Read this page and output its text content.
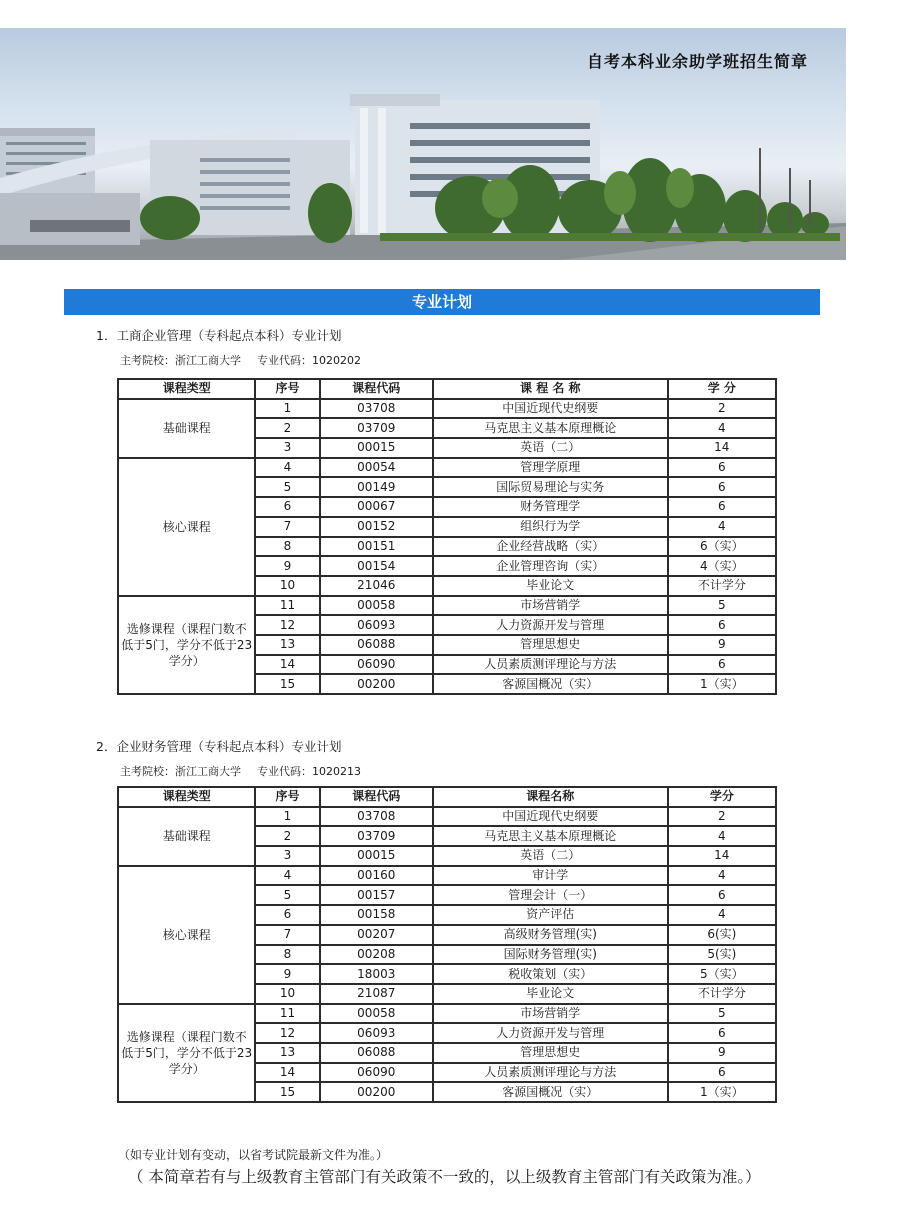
自考本科业余助学班招生简章
专业计划
1．工商企业管理（专科起点本科）专业计划
主考院校：浙江工商大学 专业代码：1020202
课程类型	序号	课程代码	课 程 名 称	学 分
基础课程	1	03708	中国近现代史纲要	2
	2	03709	马克思主义基本原理概论	4
	3	00015	英语（二）	14
核心课程	4	00054	管理学原理	6
	5	00149	国际贸易理论与实务	6
	6	00067	财务管理学	6
	7	00152	组织行为学	4
	8	00151	企业经营战略（实）	6（实）
	9	00154	企业管理咨询（实）	4（实）
	10	21046	毕业论文	不计学分
选修课程（课程门数不低于5门，学分不低于23学分）	11	00058	市场营销学	5
	12	06093	人力资源开发与管理	6
	13	06088	管理思想史	9
	14	06090	人员素质测评理论与方法	6
	15	00200	客源国概况（实）	1（实）
2．企业财务管理（专科起点本科）专业计划
主考院校：浙江工商大学 专业代码：1020213
课程类型	序号	课程代码	课程名称	学分
基础课程	1	03708	中国近现代史纲要	2
	2	03709	马克思主义基本原理概论	4
	3	00015	英语（二）	14
核心课程	4	00160	审计学	4
	5	00157	管理会计（一）	6
	6	00158	资产评估	4
	7	00207	高级财务管理(实)	6(实)
	8	00208	国际财务管理(实)	5(实)
	9	18003	税收策划（实）	5（实）
	10	21087	毕业论文	不计学分
选修课程（课程门数不低于5门，学分不低于23学分）	11	00058	市场营销学	5
	12	06093	人力资源开发与管理	6
	13	06088	管理思想史	9
	14	06090	人员素质测评理论与方法	6
	15	00200	客源国概况（实）	1（实）
（如专业计划有变动，以省考试院最新文件为准。）
（ 本简章若有与上级教育主管部门有关政策不一致的，以上级教育主管部门有关政策为准。）
